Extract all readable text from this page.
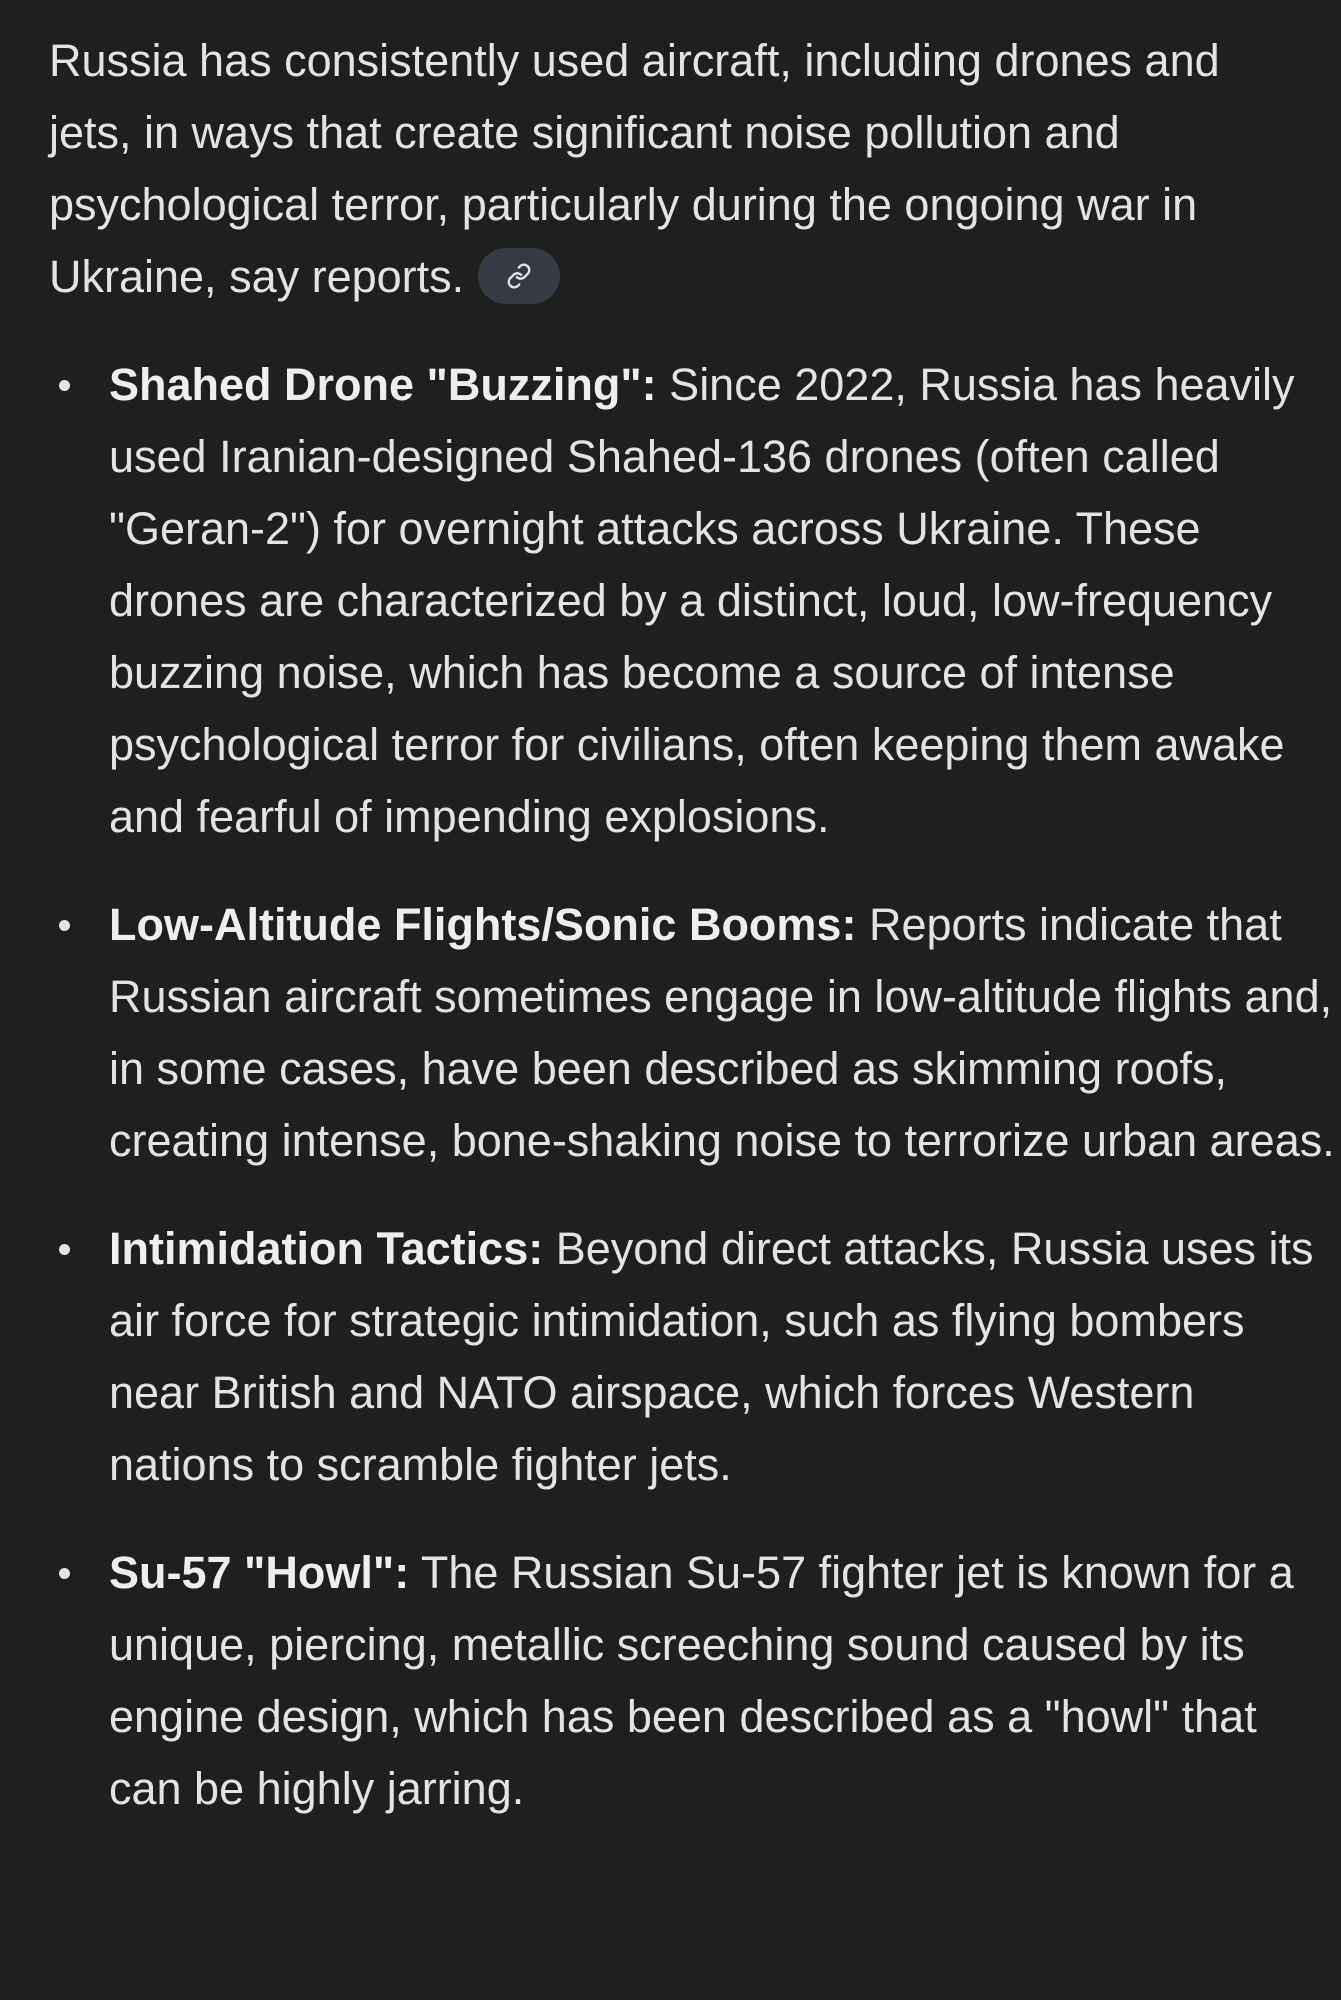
Russia has consistently used aircraft, including drones and jets, in ways that create significant noise pollution and psychological terror, particularly during the ongoing war in Ukraine, say reports.

Shahed Drone "Buzzing": Since 2022, Russia has heavily used Iranian-designed Shahed-136 drones (often called "Geran-2") for overnight attacks across Ukraine. These drones are characterized by a distinct, loud, low-frequency buzzing noise, which has become a source of intense psychological terror for civilians, often keeping them awake and fearful of impending explosions.
Low-Altitude Flights/Sonic Booms: Reports indicate that Russian aircraft sometimes engage in low-altitude flights and, in some cases, have been described as skimming roofs, creating intense, bone-shaking noise to terrorize urban areas.
Intimidation Tactics: Beyond direct attacks, Russia uses its air force for strategic intimidation, such as flying bombers near British and NATO airspace, which forces Western nations to scramble fighter jets.
Su-57 "Howl": The Russian Su-57 fighter jet is known for a unique, piercing, metallic screeching sound caused by its engine design, which has been described as a "howl" that can be highly jarring.
